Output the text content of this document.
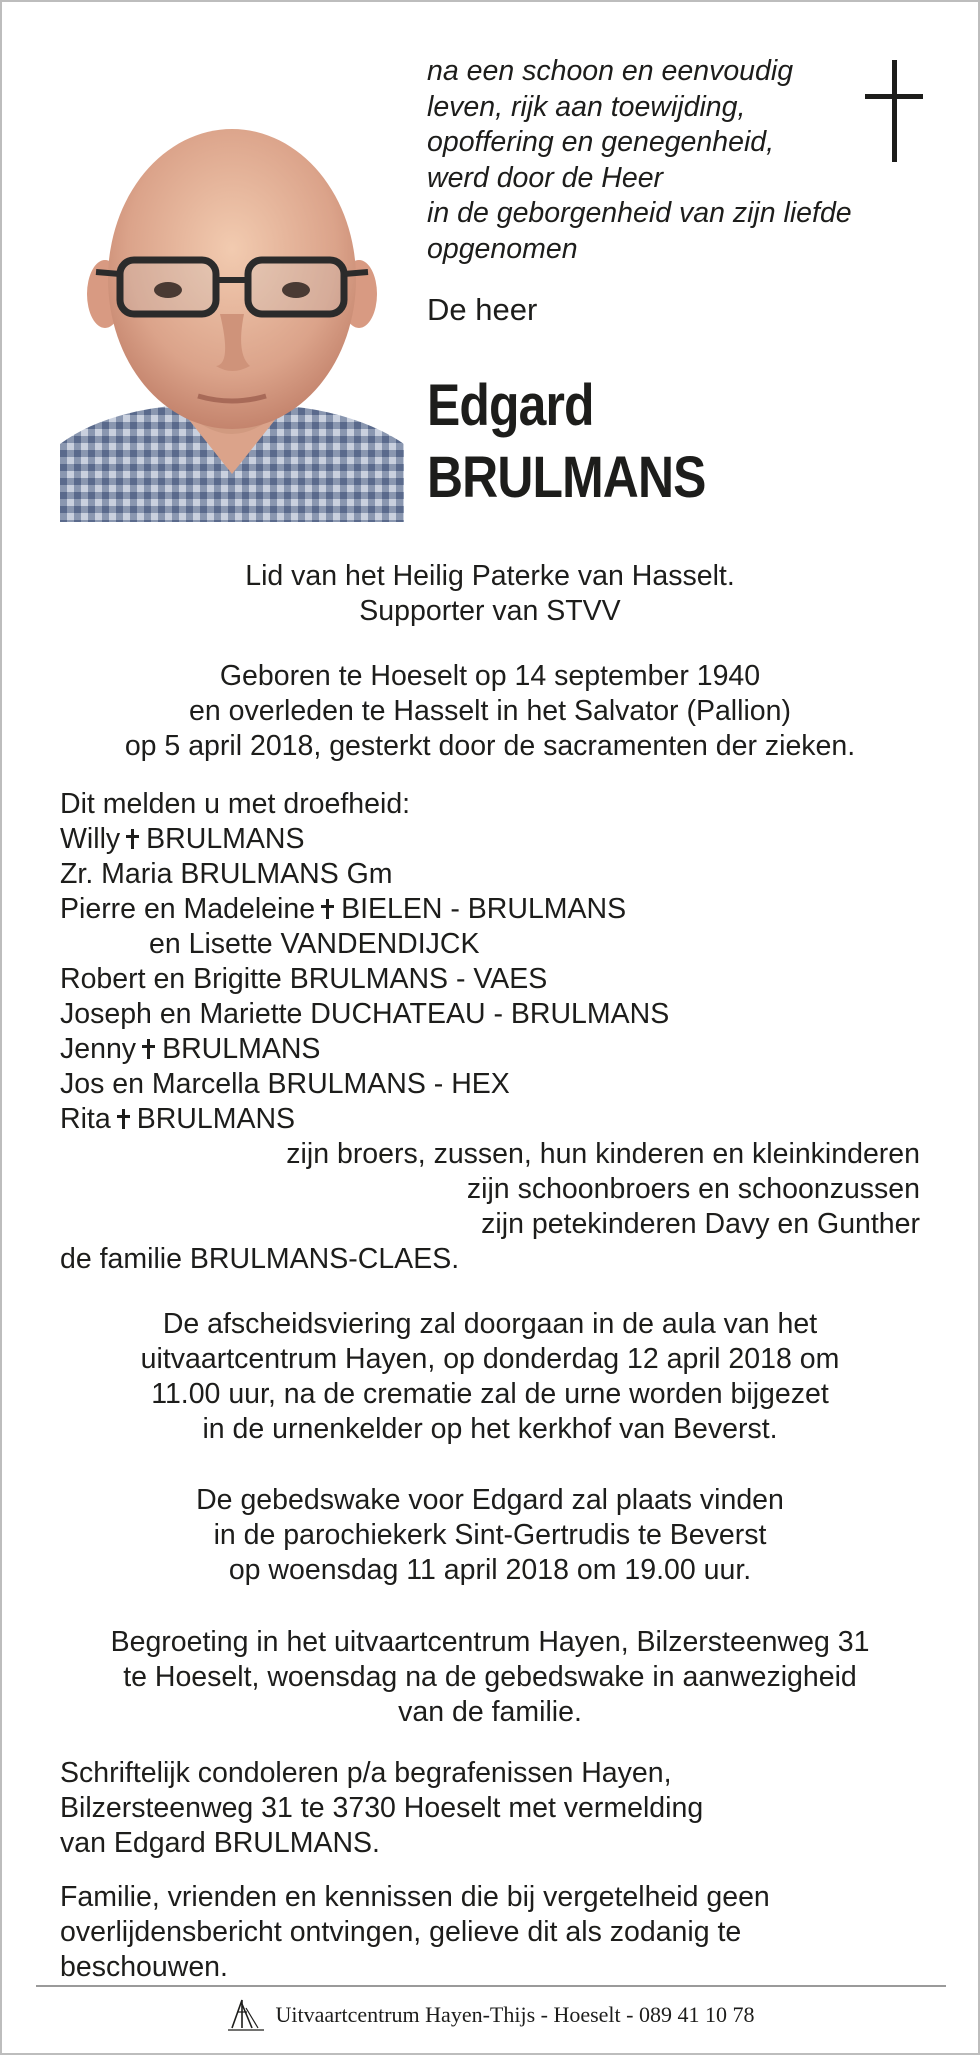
na een schoon en eenvoudig
leven, rijk aan toewijding,
opoffering en genegenheid,
werd door de Heer
in de geborgenheid van zijn liefde
opgenomen
De heer
Edgard
BRULMANS
Lid van het Heilig Paterke van Hasselt.
Supporter van STVV
Geboren te Hoeselt op 14 september 1940
en overleden te Hasselt in het Salvator (Pallion)
op 5 april 2018, gesterkt door de sacramenten der zieken.
Dit melden u met droefheid:
Willy BRULMANS
Zr. Maria BRULMANS Gm
Pierre en Madeleine BIELEN - BRULMANS
en Lisette VANDENDIJCK
Robert en Brigitte BRULMANS - VAES
Joseph en Mariette DUCHATEAU - BRULMANS
Jenny BRULMANS
Jos en Marcella BRULMANS - HEX
Rita BRULMANS
zijn broers, zussen, hun kinderen en kleinkinderen
zijn schoonbroers en schoonzussen
zijn petekinderen Davy en Gunther
de familie BRULMANS-CLAES.
De afscheidsviering zal doorgaan in de aula van het
uitvaartcentrum Hayen, op donderdag 12 april 2018 om
11.00 uur, na de crematie zal de urne worden bijgezet
in de urnenkelder op het kerkhof van Beverst.
De gebedswake voor Edgard zal plaats vinden
in de parochiekerk Sint-Gertrudis te Beverst
op woensdag 11 april 2018 om 19.00 uur.
Begroeting in het uitvaartcentrum Hayen, Bilzersteenweg 31
te Hoeselt, woensdag na de gebedswake in aanwezigheid
van de familie.
Schriftelijk condoleren p/a begrafenissen Hayen,
Bilzersteenweg 31 te 3730 Hoeselt met vermelding
van Edgard BRULMANS.
Familie, vrienden en kennissen die bij vergetelheid geen
overlijdensbericht ontvingen, gelieve dit als zodanig te
beschouwen.
Uitvaartcentrum Hayen-Thijs - Hoeselt - 089 41 10 78
